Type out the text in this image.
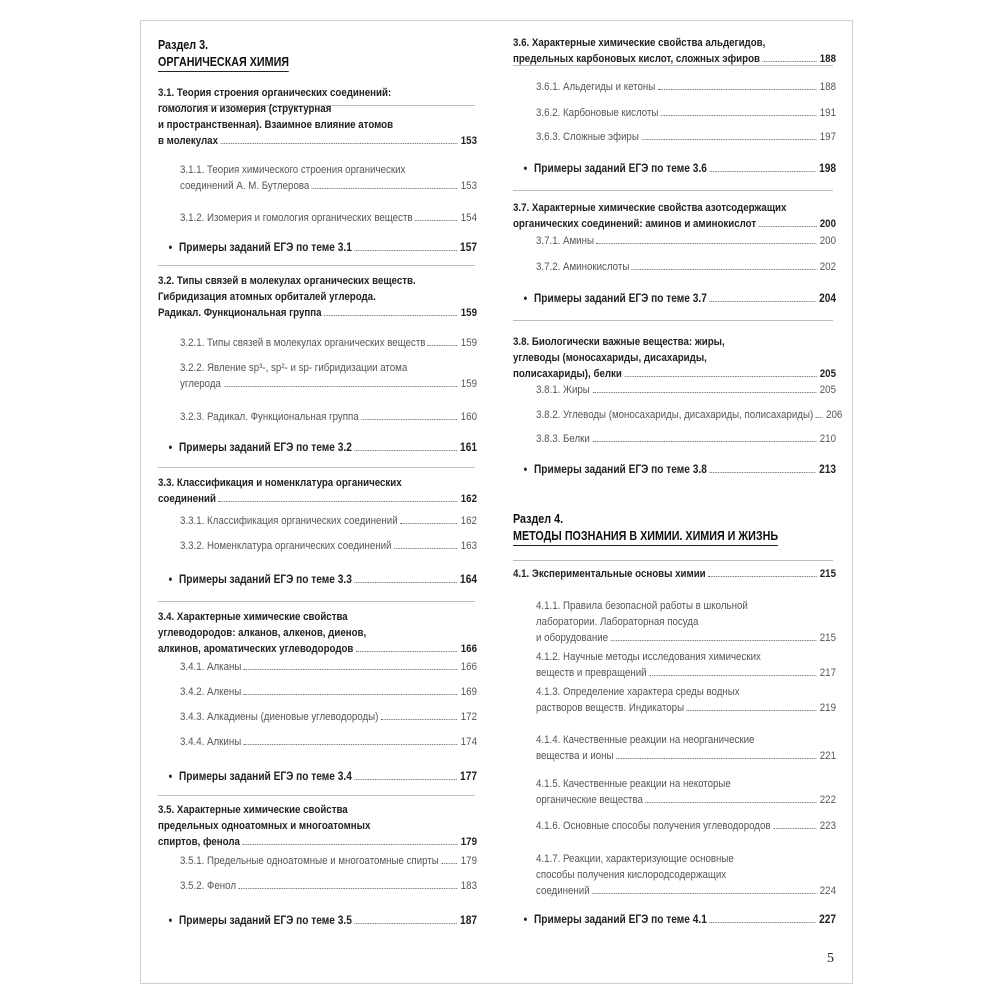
Раздел 3.
ОРГАНИЧЕСКАЯ ХИМИЯ
3.1. Теория строения органических соединений:
гомология и изомерия (структурная
и пространственная). Взаимное влияние атомов
в молекулах	153
3.1.1. Теория химического строения органических
соединений А. М. Бутлерова	153
3.1.2. Изомерия и гомология органических веществ	154
• Примеры заданий ЕГЭ по теме 3.1	157
3.2. Типы связей в молекулах органических веществ.
Гибридизация атомных орбиталей углерода.
Радикал. Функциональная группа	159
3.2.1. Типы связей в молекулах органических веществ	159
3.2.2. Явление sp³-, sp²- и sp- гибридизации атома
углерода	159
3.2.3. Радикал. Функциональная группа	160
• Примеры заданий ЕГЭ по теме 3.2	161
3.3. Классификация и номенклатура органических
соединений	162
3.3.1. Классификация органических соединений	162
3.3.2. Номенклатура органических соединений	163
• Примеры заданий ЕГЭ по теме 3.3	164
3.4. Характерные химические свойства
углеводородов: алканов, алкенов, диенов,
алкинов, ароматических углеводородов	166
3.4.1. Алканы	166
3.4.2. Алкены	169
3.4.3. Алкадиены (диеновые углеводороды)	172
3.4.4. Алкины	174
• Примеры заданий ЕГЭ по теме 3.4	177
3.5. Характерные химические свойства
предельных одноатомных и многоатомных
спиртов, фенола	179
3.5.1. Предельные одноатомные и многоатомные спирты 179
3.5.2. Фенол	183
• Примеры заданий ЕГЭ по теме 3.5	187
Раздел 4.
МЕТОДЫ ПОЗНАНИЯ В ХИМИИ. ХИМИЯ И ЖИЗНЬ
3.6. Характерные химические свойства альдегидов,
предельных карбоновых кислот, сложных эфиров	188
3.6.1. Альдегиды и кетоны	188
3.6.2. Карбоновые кислоты	191
3.6.3. Сложные эфиры	197
• Примеры заданий ЕГЭ по теме 3.6	198
3.7. Характерные химические свойства азотсодержащих
органических соединений: аминов и аминокислот	200
3.7.1. Амины	200
3.7.2. Аминокислоты	202
• Примеры заданий ЕГЭ по теме 3.7	204
3.8. Биологически важные вещества: жиры,
углеводы (моносахариды, дисахариды,
полисахариды), белки	205
3.8.1. Жиры	205
3.8.2. Углеводы (моносахариды, дисахариды, полисахариды) 206
3.8.3. Белки	210
• Примеры заданий ЕГЭ по теме 3.8	213
4.1. Экспериментальные основы химии	215
4.1.1. Правила безопасной работы в школьной
лаборатории. Лабораторная посуда
и оборудование	215
4.1.2. Научные методы исследования химических
веществ и превращений	217
4.1.3. Определение характера среды водных
растворов веществ. Индикаторы	219
4.1.4. Качественные реакции на неорганические
вещества и ионы	221
4.1.5. Качественные реакции на некоторые
органические вещества	222
4.1.6. Основные способы получения углеводородов	223
4.1.7. Реакции, характеризующие основные
способы получения кислородсодержащих
соединений	224
• Примеры заданий ЕГЭ по теме 4.1	227
5
